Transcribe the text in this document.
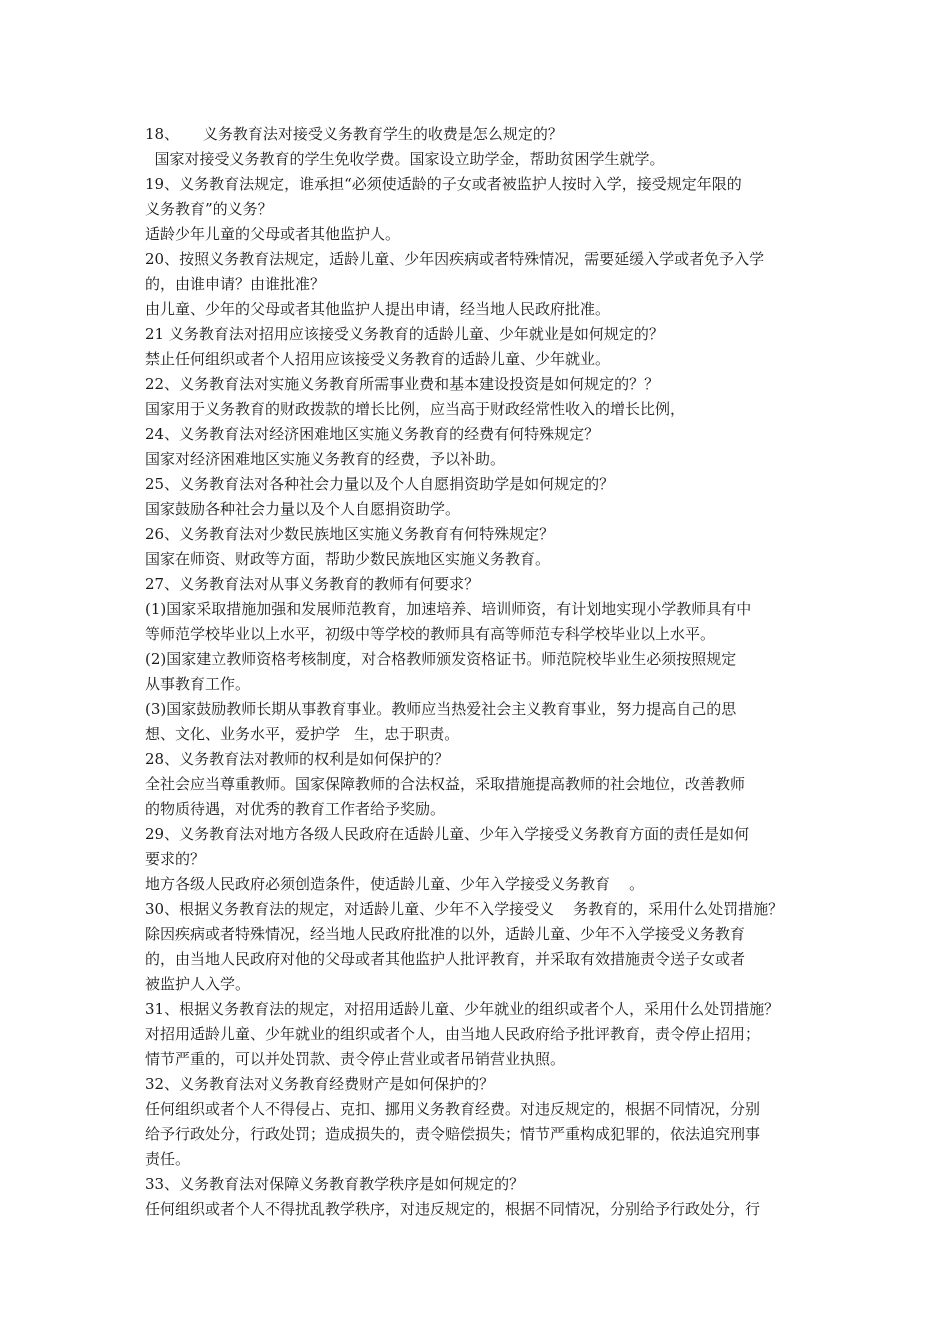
18、     义务教育法对接受义务教育学生的收费是怎么规定的？
国家对接受义务教育的学生免收学费。国家设立助学金，帮助贫困学生就学。
19、义务教育法规定，谁承担“必须使适龄的子女或者被监护人按时入学，接受规定年限的
义务教育”的义务？
适龄少年儿童的父母或者其他监护人。
20、按照义务教育法规定，适龄儿童、少年因疾病或者特殊情况，需要延缓入学或者免予入学
的，由谁申请？由谁批准？
由儿童、少年的父母或者其他监护人提出申请，经当地人民政府批准。
21 义务教育法对招用应该接受义务教育的适龄儿童、少年就业是如何规定的？
禁止任何组织或者个人招用应该接受义务教育的适龄儿童、少年就业。
22、义务教育法对实施义务教育所需事业费和基本建设投资是如何规定的？？
国家用于义务教育的财政拨款的增长比例，应当高于财政经常性收入的增长比例，
24、义务教育法对经济困难地区实施义务教育的经费有何特殊规定？
国家对经济困难地区实施义务教育的经费，予以补助。
25、义务教育法对各种社会力量以及个人自愿捐资助学是如何规定的？
国家鼓励各种社会力量以及个人自愿捐资助学。
26、义务教育法对少数民族地区实施义务教育有何特殊规定？
国家在师资、财政等方面，帮助少数民族地区实施义务教育。
27、义务教育法对从事义务教育的教师有何要求？
(1)国家采取措施加强和发展师范教育，加速培养、培训师资，有计划地实现小学教师具有中
等师范学校毕业以上水平，初级中等学校的教师具有高等师范专科学校毕业以上水平。
(2)国家建立教师资格考核制度，对合格教师颁发资格证书。师范院校毕业生必须按照规定
从事教育工作。
(3)国家鼓励教师长期从事教育事业。教师应当热爱社会主义教育事业，努力提高自己的思
想、文化、业务水平，爱护学   生，忠于职责。
28、义务教育法对教师的权利是如何保护的？
全社会应当尊重教师。国家保障教师的合法权益，采取措施提高教师的社会地位，改善教师
的物质待遇，对优秀的教育工作者给予奖励。
29、义务教育法对地方各级人民政府在适龄儿童、少年入学接受义务教育方面的责任是如何
要求的？
地方各级人民政府必须创造条件，使适龄儿童、少年入学接受义务教育    。
30、根据义务教育法的规定，对适龄儿童、少年不入学接受义    务教育的，采用什么处罚措施？
除因疾病或者特殊情况，经当地人民政府批准的以外，适龄儿童、少年不入学接受义务教育
的，由当地人民政府对他的父母或者其他监护人批评教育，并采取有效措施责令送子女或者
被监护人入学。
31、根据义务教育法的规定，对招用适龄儿童、少年就业的组织或者个人，采用什么处罚措施？
对招用适龄儿童、少年就业的组织或者个人，由当地人民政府给予批评教育，责令停止招用；
情节严重的，可以并处罚款、责令停止营业或者吊销营业执照。
32、义务教育法对义务教育经费财产是如何保护的？
任何组织或者个人不得侵占、克扣、挪用义务教育经费。对违反规定的，根据不同情况，分别
给予行政处分，行政处罚；造成损失的，责令赔偿损失；情节严重构成犯罪的，依法追究刑事
责任。
33、义务教育法对保障义务教育教学秩序是如何规定的？
任何组织或者个人不得扰乱教学秩序，对违反规定的，根据不同情况，分别给予行政处分，行
